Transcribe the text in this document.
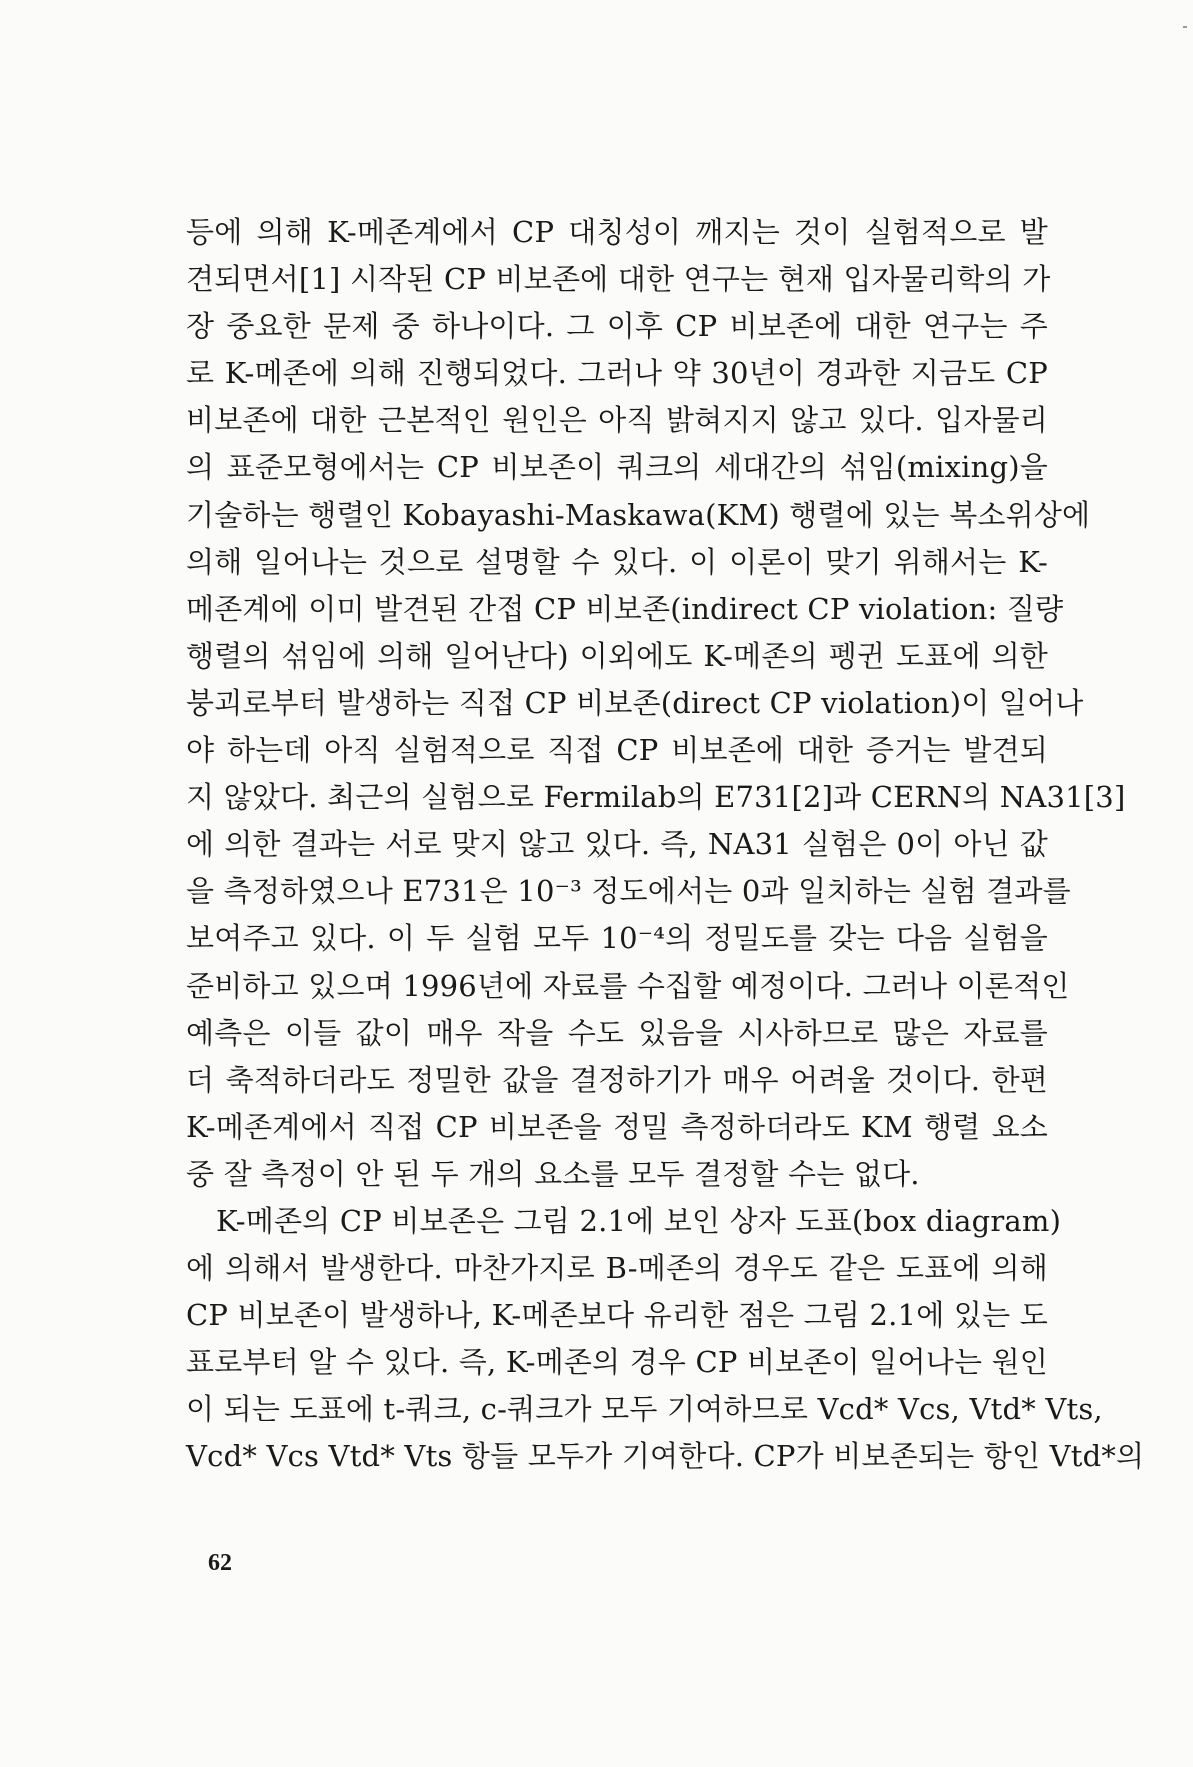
등에 의해 K-메존계에서 CP 대칭성이 깨지는 것이 실험적으로 발
견되면서[1] 시작된 CP 비보존에 대한 연구는 현재 입자물리학의 가
장 중요한 문제 중 하나이다. 그 이후 CP 비보존에 대한 연구는 주
로 K-메존에 의해 진행되었다. 그러나 약 30년이 경과한 지금도 CP
비보존에 대한 근본적인 원인은 아직 밝혀지지 않고 있다. 입자물리
의 표준모형에서는 CP 비보존이 쿼크의 세대간의 섞임(mixing)을
기술하는 행렬인 Kobayashi-Maskawa(KM) 행렬에 있는 복소위상에
의해 일어나는 것으로 설명할 수 있다. 이 이론이 맞기 위해서는 K-
메존계에 이미 발견된 간접 CP 비보존(indirect CP violation: 질량
행렬의 섞임에 의해 일어난다) 이외에도 K-메존의 펭귄 도표에 의한
붕괴로부터 발생하는 직접 CP 비보존(direct CP violation)이 일어나
야 하는데 아직 실험적으로 직접 CP 비보존에 대한 증거는 발견되
지 않았다. 최근의 실험으로 Fermilab의 E731[2]과 CERN의 NA31[3]
에 의한 결과는 서로 맞지 않고 있다. 즉, NA31 실험은 0이 아닌 값
을 측정하였으나 E731은 10⁻³ 정도에서는 0과 일치하는 실험 결과를
보여주고 있다. 이 두 실험 모두 10⁻⁴의 정밀도를 갖는 다음 실험을
준비하고 있으며 1996년에 자료를 수집할 예정이다. 그러나 이론적인
예측은 이들 값이 매우 작을 수도 있음을 시사하므로 많은 자료를
더 축적하더라도 정밀한 값을 결정하기가 매우 어려울 것이다. 한편
K-메존계에서 직접 CP 비보존을 정밀 측정하더라도 KM 행렬 요소
중 잘 측정이 안 된 두 개의 요소를 모두 결정할 수는 없다.
K-메존의 CP 비보존은 그림 2.1에 보인 상자 도표(box diagram)
에 의해서 발생한다. 마찬가지로 B-메존의 경우도 같은 도표에 의해
CP 비보존이 발생하나, K-메존보다 유리한 점은 그림 2.1에 있는 도
표로부터 알 수 있다. 즉, K-메존의 경우 CP 비보존이 일어나는 원인
이 되는 도표에 t-쿼크, c-쿼크가 모두 기여하므로 Vcd* Vcs, Vtd* Vts,
Vcd* Vcs Vtd* Vts 항들 모두가 기여한다. CP가 비보존되는 항인 Vtd*의
62
